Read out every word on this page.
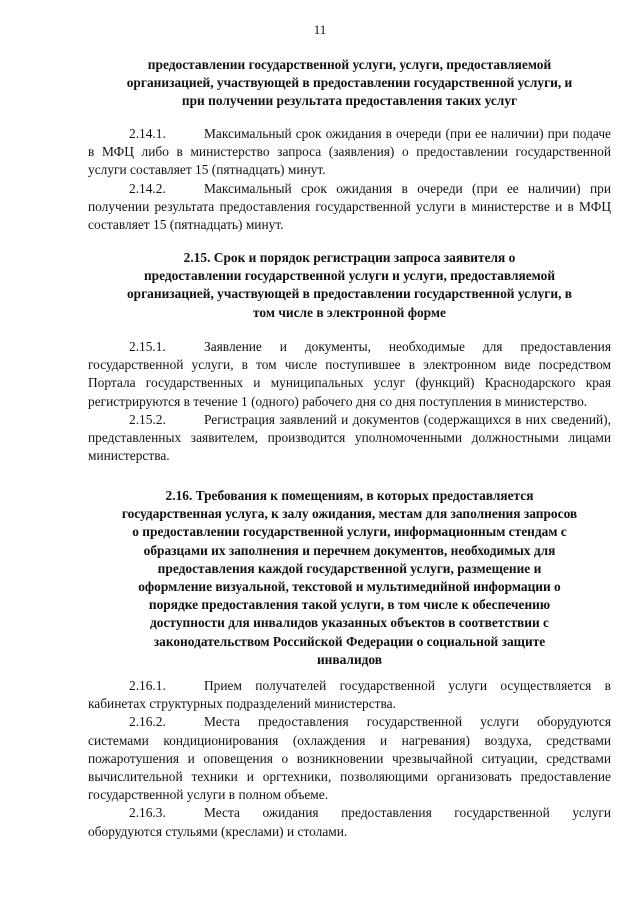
11
предоставлении государственной услуги, услуги, предоставляемой
организацией, участвующей в предоставлении государственной услуги, и
при получении результата предоставления таких услуг
2.14.1.	Максимальный срок ожидания в очереди (при ее наличии) при подаче в МФЦ либо в министерство запроса (заявления) о предоставлении государственной услуги составляет 15 (пятнадцать) минут.
2.14.2.	Максимальный срок ожидания в очереди (при ее наличии) при получении результата предоставления государственной услуги в министерстве и в МФЦ составляет 15 (пятнадцать) минут.
2.15. Срок и порядок регистрации запроса заявителя о
предоставлении государственной услуги и услуги, предоставляемой
организацией, участвующей в предоставлении государственной услуги, в
том числе в электронной форме
2.15.1.	Заявление и документы, необходимые для предоставления государственной услуги, в том числе поступившее в электронном виде посредством Портала государственных и муниципальных услуг (функций) Краснодарского края регистрируются в течение 1 (одного) рабочего дня со дня поступления в министерство.
2.15.2.	Регистрация заявлений и документов (содержащихся в них сведений), представленных заявителем, производится уполномоченными должностными лицами министерства.
2.16. Требования к помещениям, в которых предоставляется
государственная услуга, к залу ожидания, местам для заполнения запросов
о предоставлении государственной услуги, информационным стендам с
образцами их заполнения и перечнем документов, необходимых для
предоставления каждой государственной услуги, размещение и
оформление визуальной, текстовой и мультимедийной информации о
порядке предоставления такой услуги, в том числе к обеспечению
доступности для инвалидов указанных объектов в соответствии с
законодательством Российской Федерации о социальной защите
инвалидов
2.16.1.	Прием получателей государственной услуги осуществляется в кабинетах структурных подразделений министерства.
2.16.2.	Места предоставления государственной услуги оборудуются системами кондиционирования (охлаждения и нагревания) воздуха, средствами пожаротушения и оповещения о возникновении чрезвычайной ситуации, средствами вычислительной техники и оргтехники, позволяющими организовать предоставление государственной услуги в полном объеме.
2.16.3.	Места ожидания предоставления государственной услуги оборудуются стульями (креслами) и столами.
